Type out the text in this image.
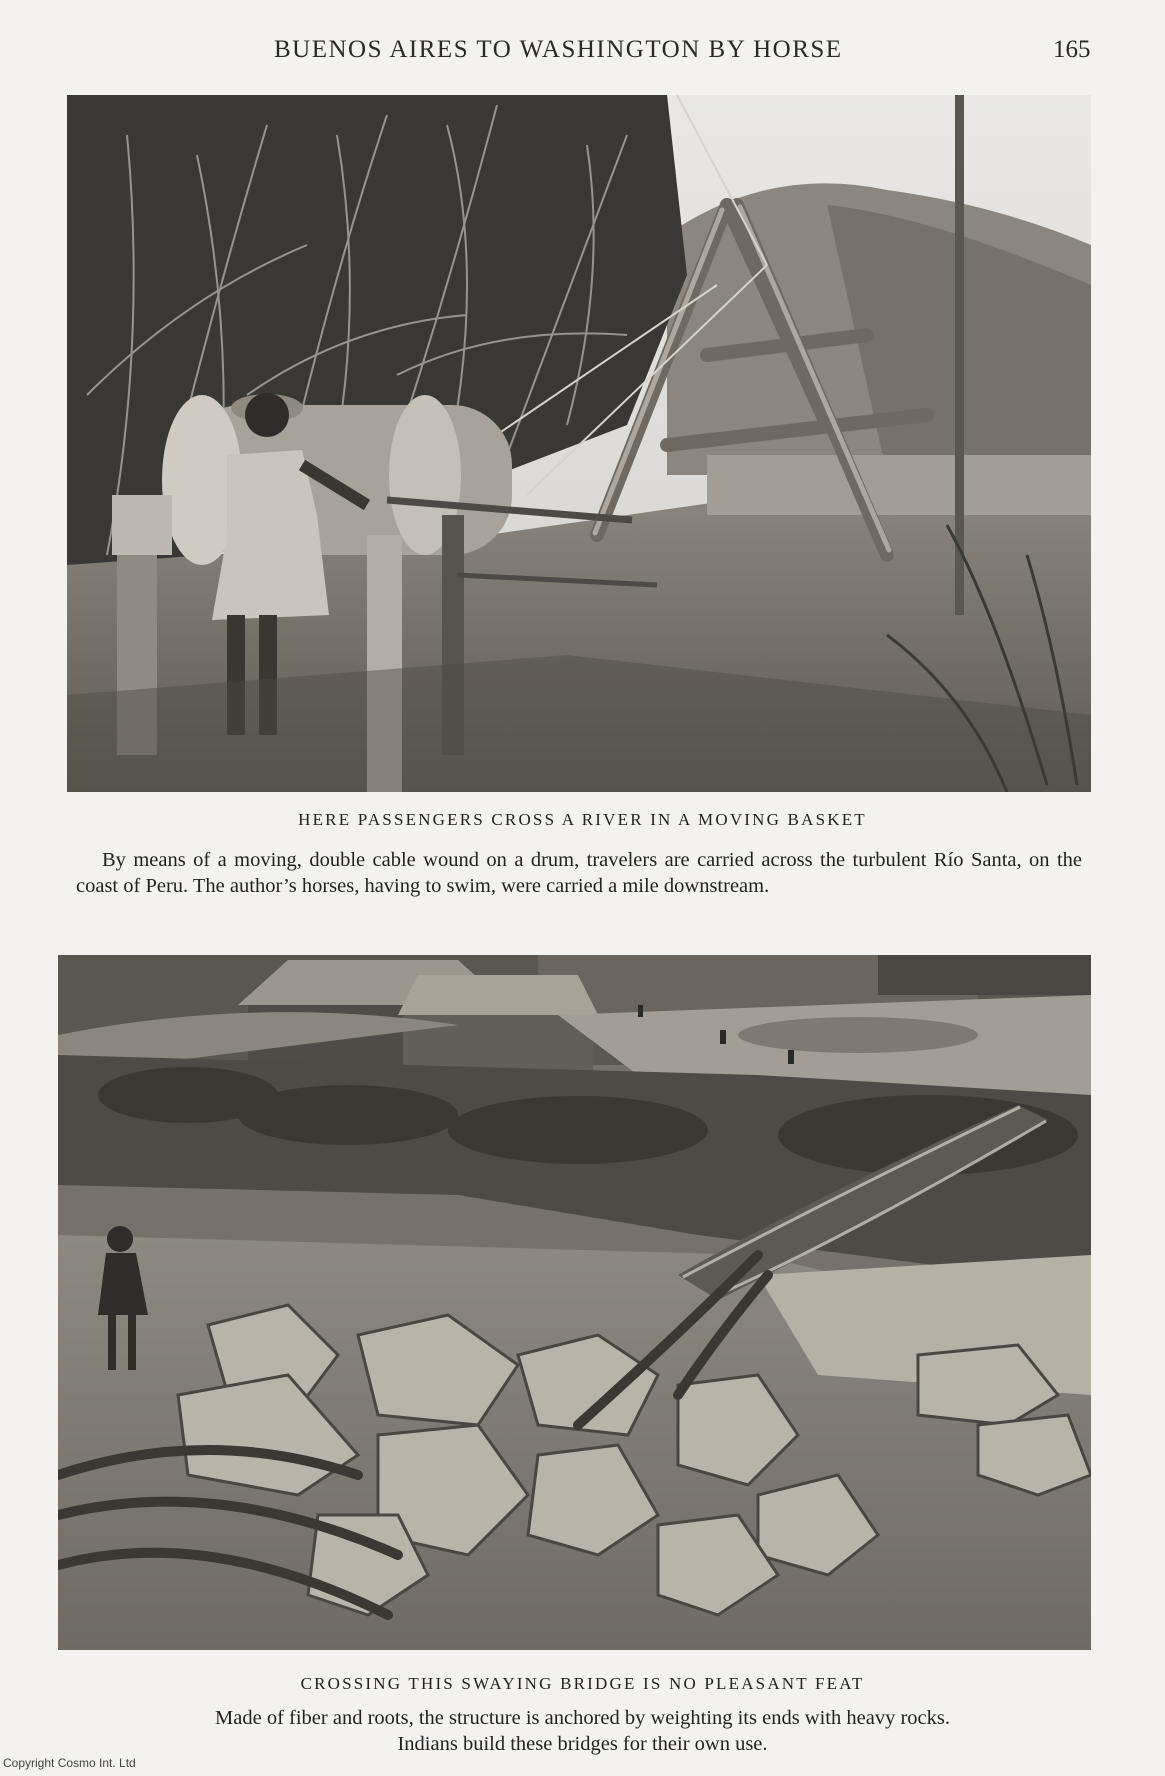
BUENOS AIRES TO WASHINGTON BY HORSE	165
HERE PASSENGERS CROSS A RIVER IN A MOVING BASKET
By means of a moving, double cable wound on a drum, travelers are carried across the turbulent Río Santa, on the coast of Peru. The author’s horses, having to swim, were carried a mile downstream.
CROSSING THIS SWAYING BRIDGE IS NO PLEASANT FEAT
Made of fiber and roots, the structure is anchored by weighting its ends with heavy rocks.
Indians build these bridges for their own use.
Copyright Cosmo Int. Ltd
